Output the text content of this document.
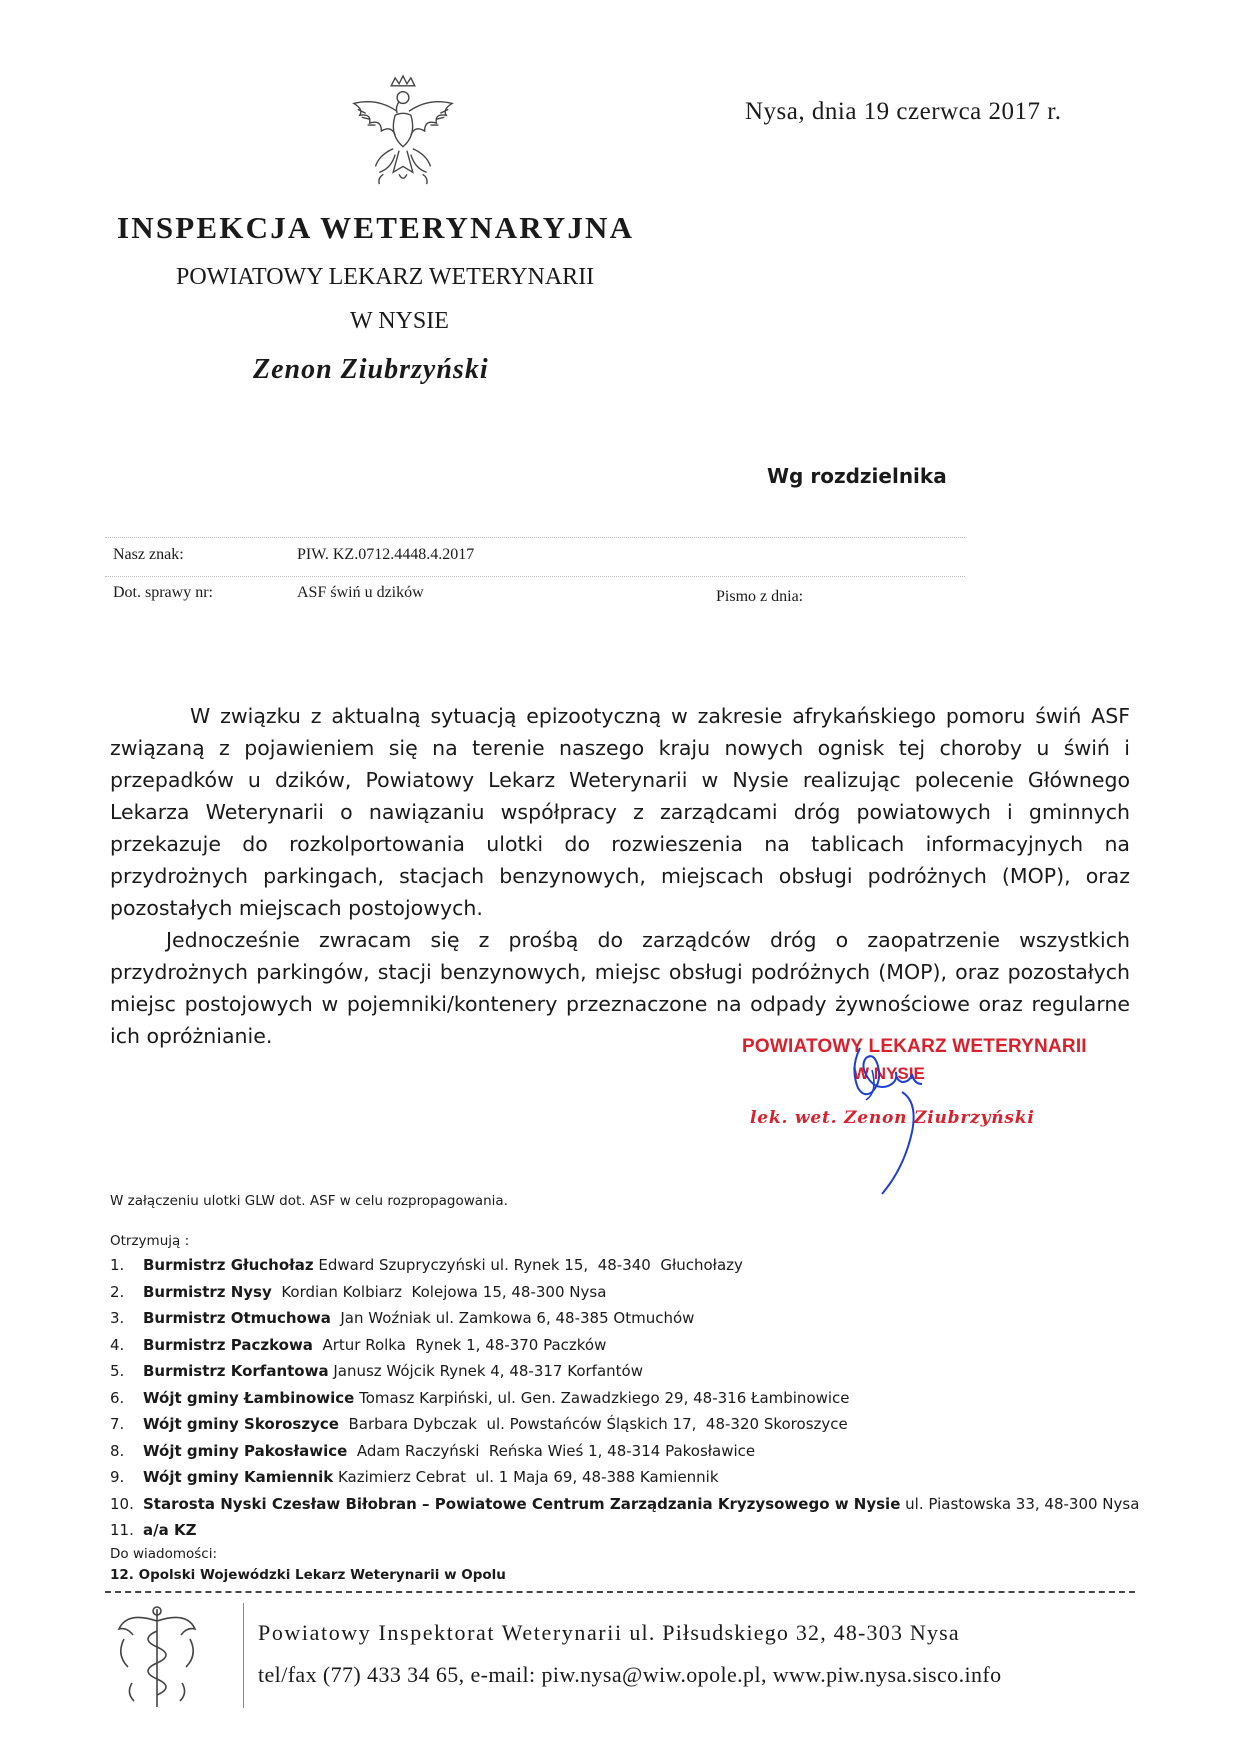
Nysa, dnia 19 czerwca 2017 r.
INSPEKCJA WETERYNARYJNA
POWIATOWY LEKARZ WETERYNARII
W NYSIE
Zenon Ziubrzyński
Wg rozdzielnika
Nasz znak:	PIW. KZ.0712.4448.4.2017
Dot. sprawy nr:	ASF świń u dzików	Pismo z dnia:

W związku z aktualną sytuacją epizootyczną w zakresie afrykańskiego pomoru świń ASF związaną z pojawieniem się na terenie naszego kraju nowych ognisk tej choroby u świń i przepadków u dzików, Powiatowy Lekarz Weterynarii w Nysie realizując polecenie Głównego Lekarza Weterynarii o nawiązaniu współpracy z zarządcami dróg powiatowych i gminnych przekazuje do rozkolportowania ulotki do rozwieszenia na tablicach informacyjnych na przydrożnych parkingach, stacjach benzynowych, miejscach obsługi podróżnych (MOP), oraz pozostałych miejscach postojowych.

Jednocześnie zwracam się z prośbą do zarządców dróg o zaopatrzenie wszystkich przydrożnych parkingów, stacji benzynowych, miejsc obsługi podróżnych (MOP), oraz pozostałych miejsc postojowych w pojemniki/kontenery przeznaczone na odpady żywnościowe oraz regularne ich opróżnianie.	POWIATOWY LEKARZ WETERYNARII
W NYSIE
lek. wet. Zenon Ziubrzyński
W załączeniu ulotki GLW dot. ASF w celu rozpropagowania.
Otrzymują :
1. Burmistrz Głuchołaz Edward Szupryczyński ul. Rynek 15,  48-340  Głuchołazy
2. Burmistrz Nysy  Kordian Kolbiarz  Kolejowa 15, 48-300 Nysa
3. Burmistrz Otmuchowa  Jan Woźniak ul. Zamkowa 6, 48-385 Otmuchów
4. Burmistrz Paczkowa  Artur Rolka  Rynek 1, 48-370 Paczków
5. Burmistrz Korfantowa Janusz Wójcik Rynek 4, 48-317 Korfantów
6. Wójt gminy Łambinowice Tomasz Karpiński, ul. Gen. Zawadzkiego 29, 48-316 Łambinowice
7. Wójt gminy Skoroszyce  Barbara Dybczak  ul. Powstańców Śląskich 17,  48-320 Skoroszyce
8. Wójt gminy Pakosławice  Adam Raczyński  Reńska Wieś 1, 48-314 Pakosławice
9. Wójt gminy Kamiennik Kazimierz Cebrat  ul. 1 Maja 69, 48-388 Kamiennik
10. Starosta Nyski Czesław Biłobran – Powiatowe Centrum Zarządzania Kryzysowego w Nysie ul. Piastowska 33, 48-300 Nysa
11. a/a KZ
Do wiadomości:
12. Opolski Wojewódzki Lekarz Weterynarii w Opolu
Powiatowy Inspektorat Weterynarii ul. Piłsudskiego 32, 48-303 Nysa
tel/fax (77) 433 34 65, e-mail: piw.nysa@wiw.opole.pl, www.piw.nysa.sisco.info
